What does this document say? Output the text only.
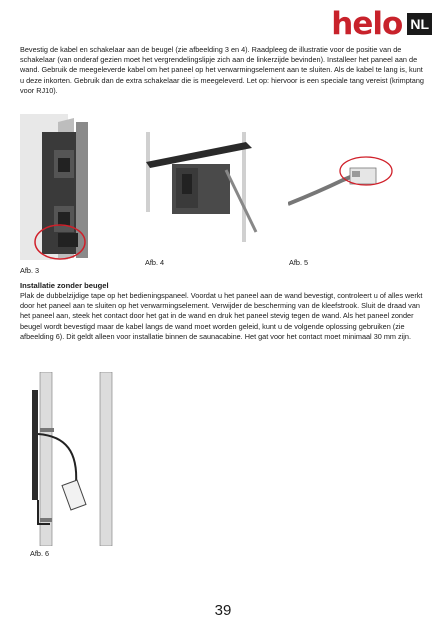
helo NL

Bevestig de kabel en schakelaar aan de beugel (zie afbeelding 3 en 4). Raadpleeg de illustratie voor de positie van de schakelaar (van onderaf gezien moet het vergrendelingslipje zich aan de linkerzijde bevinden). Installeer het paneel aan de wand. Gebruik de meegeleverde kabel om het paneel op het verwarmingselement aan te sluiten. Als de kabel te lang is, kunt u deze inkorten. Gebruik dan de extra schakelaar die is meegeleverd. Let op: hiervoor is een speciale tang vereist (krimptang voor RJ10).

Afb. 3
Afb. 4	Afb. 5
Installatie zonder beugel

Plak de dubbelzijdige tape op het bedieningspaneel. Voordat u het paneel aan de wand bevestigt, controleert u of alles werkt door het paneel aan te sluiten op het verwarmingselement. Verwijder de bescherming van de kleefstrook. Sluit de draad van het paneel aan, steek het contact door het gat in de wand en druk het paneel stevig tegen de wand. Als het paneel zonder beugel wordt bevestigd maar de kabel langs de wand moet worden geleid, kunt u de volgende oplossing gebruiken (zie afbeelding 6). Dit geldt alleen voor installatie binnen de saunacabine. Het gat voor het contact moet minimaal 30 mm zijn.

Afb. 6
39
